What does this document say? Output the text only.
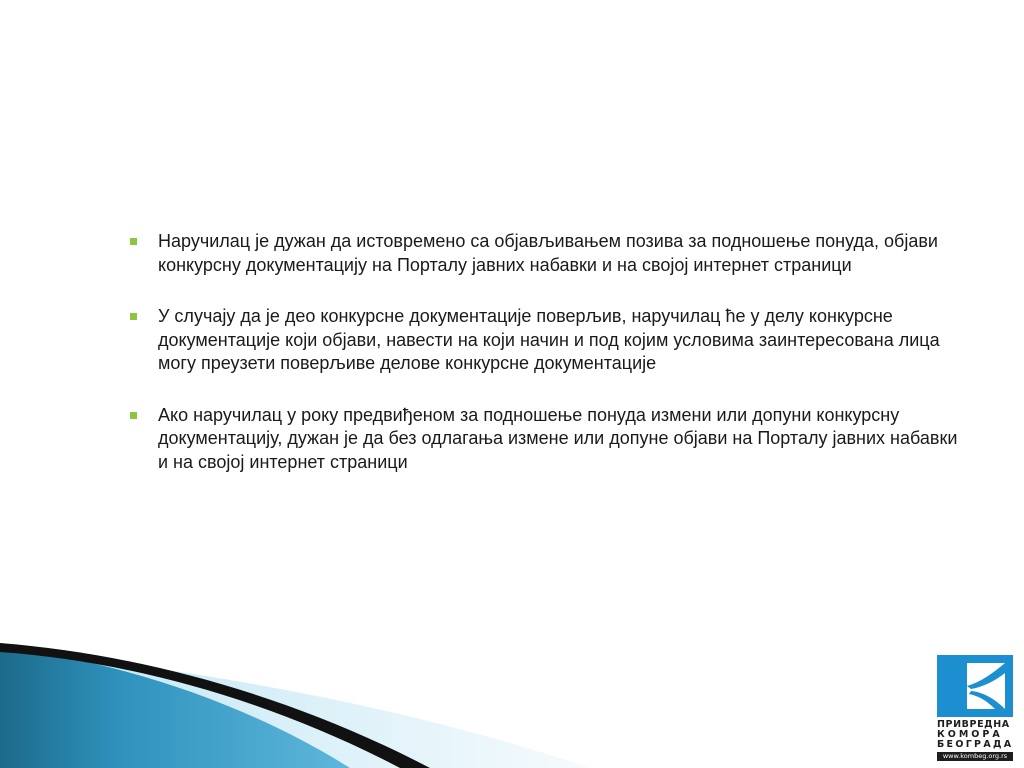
Наручилац је дужан да истовремено са објављивањем позива за подношење понуда, објави конкурсну документацију на Порталу јавних набавки и на својој интернет страници
У случају да је део конкурсне документације поверљив, наручилац ће у делу конкурсне документације који објави, навести на који начин и под којим условима заинтересована лица могу преузети поверљиве делове конкурсне документације
Ако наручилац у року предвиђеном за подношење понуда измени или допуни конкурсну документацију, дужан је да без одлагања измене или допуне објави на Порталу јавних набавки и на својој интернет страници
ПРИВРЕДНА
КОМОРА
БЕОГРАДА
www.kombeg.org.rs
